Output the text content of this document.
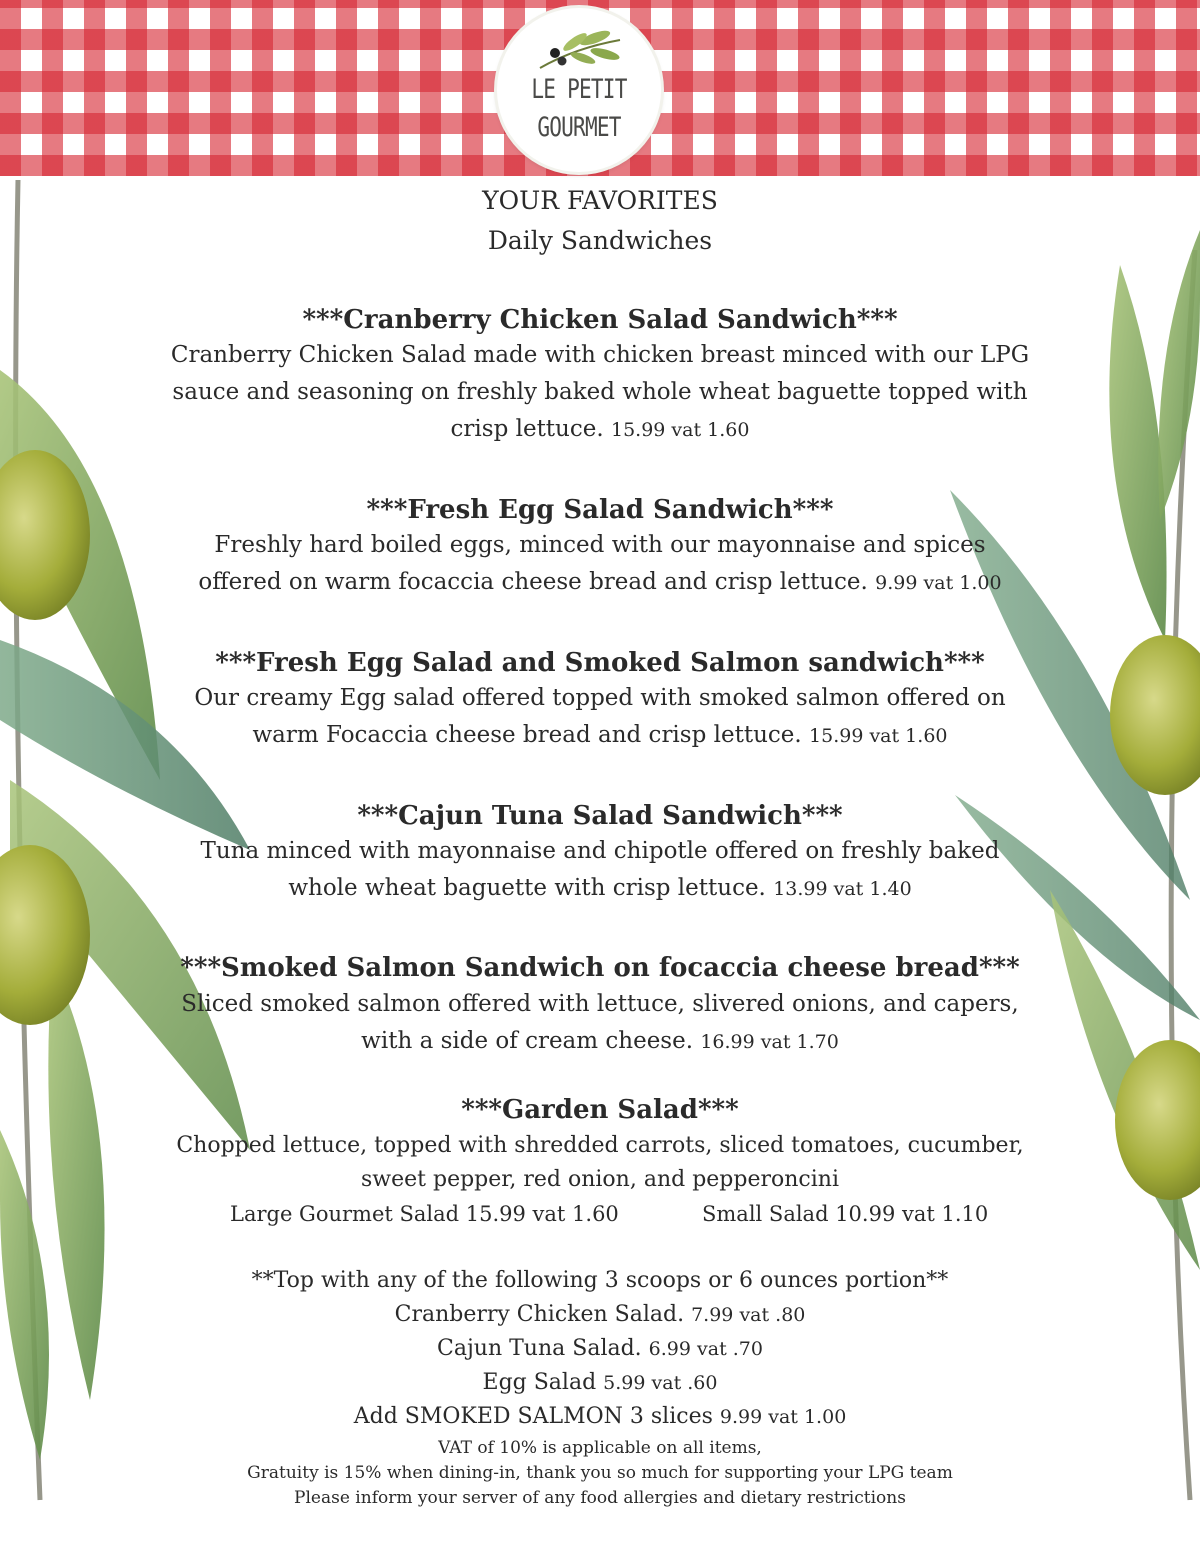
LE PETIT
GOURMET
YOUR FAVORITES
Daily Sandwiches
***Cranberry Chicken Salad Sandwich***
Cranberry Chicken Salad made with chicken breast minced with our LPG
sauce and seasoning on freshly baked whole wheat baguette topped with
crisp lettuce. 15.99 vat 1.60
***Fresh Egg Salad Sandwich***
Freshly hard boiled eggs, minced with our mayonnaise and spices
offered on warm focaccia cheese bread and crisp lettuce. 9.99 vat 1.00
***Fresh Egg Salad and Smoked Salmon sandwich***
Our creamy Egg salad offered topped with smoked salmon offered on
warm Focaccia cheese bread and crisp lettuce. 15.99 vat 1.60
***Cajun Tuna Salad Sandwich***
Tuna minced with mayonnaise and chipotle offered on freshly baked
whole wheat baguette with crisp lettuce. 13.99 vat 1.40
***Smoked Salmon Sandwich on focaccia cheese bread***
Sliced smoked salmon offered with lettuce, slivered onions, and capers,
with a side of cream cheese. 16.99 vat 1.70
***Garden Salad***
Chopped lettuce, topped with shredded carrots, sliced tomatoes, cucumber,
sweet pepper, red onion, and pepperoncini
Large Gourmet Salad 15.99 vat 1.60	Small Salad 10.99 vat 1.10
**Top with any of the following 3 scoops or 6 ounces portion**
Cranberry Chicken Salad. 7.99 vat .80
Cajun Tuna Salad. 6.99 vat .70
Egg Salad 5.99 vat .60
Add SMOKED SALMON 3 slices 9.99 vat 1.00
VAT of 10% is applicable on all items,
Gratuity is 15% when dining-in, thank you so much for supporting your LPG team
Please inform your server of any food allergies and dietary restrictions
